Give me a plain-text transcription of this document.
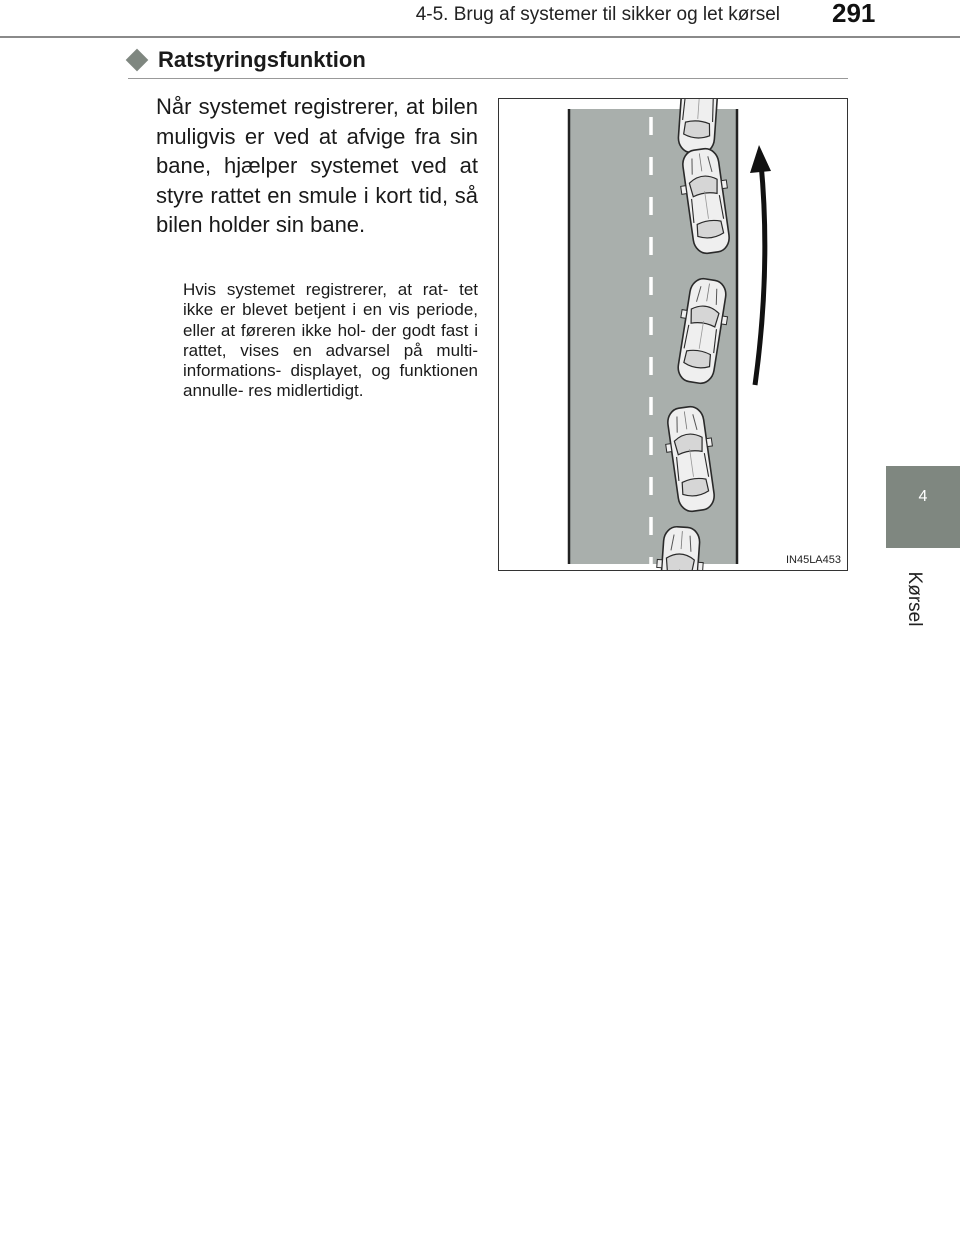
4-5. Brug af systemer til sikker og let kørsel 291
4
Kørsel
Ratstyringsfunktion

Når systemet registrerer, at bilen muligvis er ved at afvige fra sin bane, hjælper systemet ved at styre rattet en smule i kort tid, så bilen holder sin bane.

Hvis systemet registrerer, at rat- tet ikke er blevet betjent i en vis periode, eller at føreren ikke hol- der godt fast i rattet, vises en advarsel på multi-informations- displayet, og funktionen annulle- res midlertidigt.

IN45LA453
